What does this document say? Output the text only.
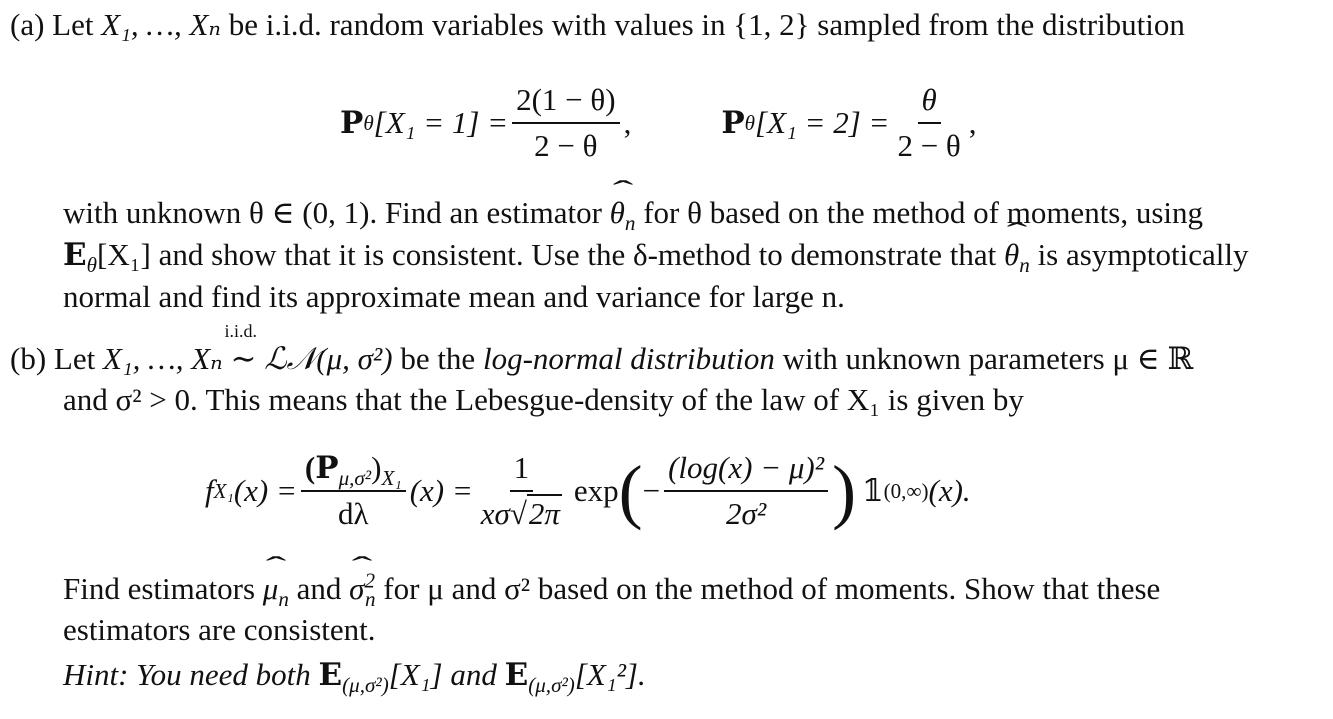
(a) Let X₁, …, Xₙ be i.i.d. random variables with values in {1, 2} sampled from the distribution
𝐏 θ $[X_1 = 1] = \frac{2(1 - \theta)}{2 - \theta}$ ,	𝐏 θ $[X_1 = 2] = \frac{\theta}{2 - \theta}$ ,
with unknown θ ∈ (0, 1). Find an estimator ˆ $\theta_n$ for θ based on the method of moments, using
𝐄$_\theta$[X₁] and show that it is consistent. Use the δ-method to demonstrate that ˆ $\theta_n$ is asymptotically
normal and find its approximate mean and variance for large n.
(b) Let X₁, …, Xₙ
i.i.d.
∼ ℒ𝒩(μ, σ²) be the log-normal distribution with unknown parameters μ ∈ ℝ
and σ² > 0. This means that the Lebesgue-density of the law of X₁ is given by
f X₁ $(x) = \frac{(𝐏_{\mu,\sigma^2})_{X_1}}{d\lambda} (x) = \frac{1}{x\sigma√2\pi}$ exp ( − $\frac{\text{(log(x) − μ)²}}{\text{2σ²}}$ ) 𝟙 (0,∞) (x).
Find estimators ˆ $\mu_n$ and ˆ $\sigma^2_n$ for μ and σ² based on the method of moments. Show that these
estimators are consistent.
Hint: You need both 𝐄$_{(\mu,\sigma^2)}$[X₁] and 𝐄$_{(\mu,\sigma^2)}$[X₁²].
